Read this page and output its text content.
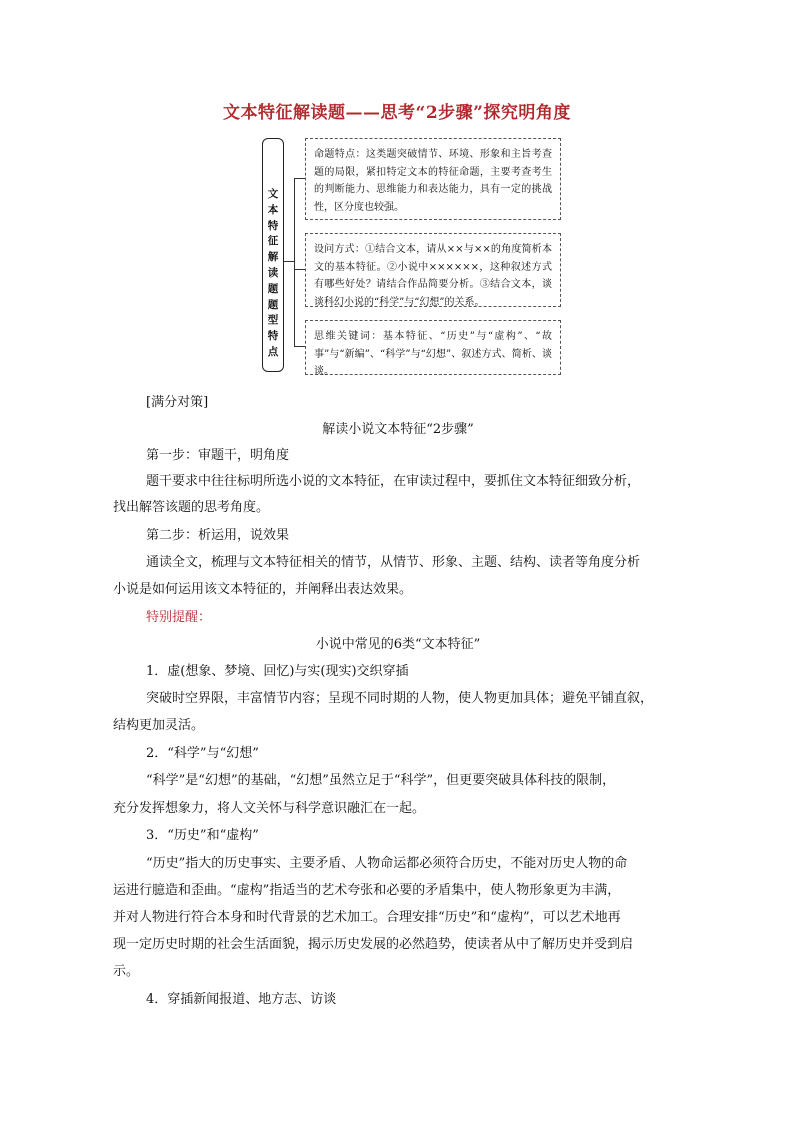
文本特征解读题——思考“2步骤”探究明角度
文
本
特
征
解
读
题
题
型
特
点
命题特点：这类题突破情节、环境、形象和主旨考查题的局限，紧扣特定文本的特征命题，主要考查考生的判断能力、思维能力和表达能力，具有一定的挑战性，区分度也较强。
设问方式：①结合文本，请从××与××的角度简析本文的基本特征。②小说中××××××，这种叙述方式有哪些好处？请结合作品简要分析。③结合文本，谈谈科幻小说的“科学”与“幻想”的关系。
思维关键词：基本特征、“历史”与“虚构”、“故事”与“新编”、“科学”与“幻想”、叙述方式、简析、谈谈。
[满分对策]
解读小说文本特征“2步骤”
第一步：审题干，明角度
题干要求中往往标明所选小说的文本特征，在审读过程中，要抓住文本特征细致分析，
找出解答该题的思考角度。
第二步：析运用，说效果
通读全文，梳理与文本特征相关的情节，从情节、形象、主题、结构、读者等角度分析
小说是如何运用该文本特征的，并阐释出表达效果。
特别提醒：
小说中常见的6类“文本特征”
1．虚(想象、梦境、回忆)与实(现实)交织穿插
突破时空界限，丰富情节内容；呈现不同时期的人物，使人物更加具体；避免平铺直叙，
结构更加灵活。
2．“科学”与“幻想”
“科学”是“幻想”的基础，“幻想”虽然立足于“科学”，但更要突破具体科技的限制，
充分发挥想象力，将人文关怀与科学意识融汇在一起。
3．“历史”和“虚构”
“历史”指大的历史事实、主要矛盾、人物命运都必须符合历史，不能对历史人物的命
运进行臆造和歪曲。“虚构”指适当的艺术夸张和必要的矛盾集中，使人物形象更为丰满，
并对人物进行符合本身和时代背景的艺术加工。合理安排“历史”和“虚构”，可以艺术地再
现一定历史时期的社会生活面貌，揭示历史发展的必然趋势，使读者从中了解历史并受到启
示。
4．穿插新闻报道、地方志、访谈
